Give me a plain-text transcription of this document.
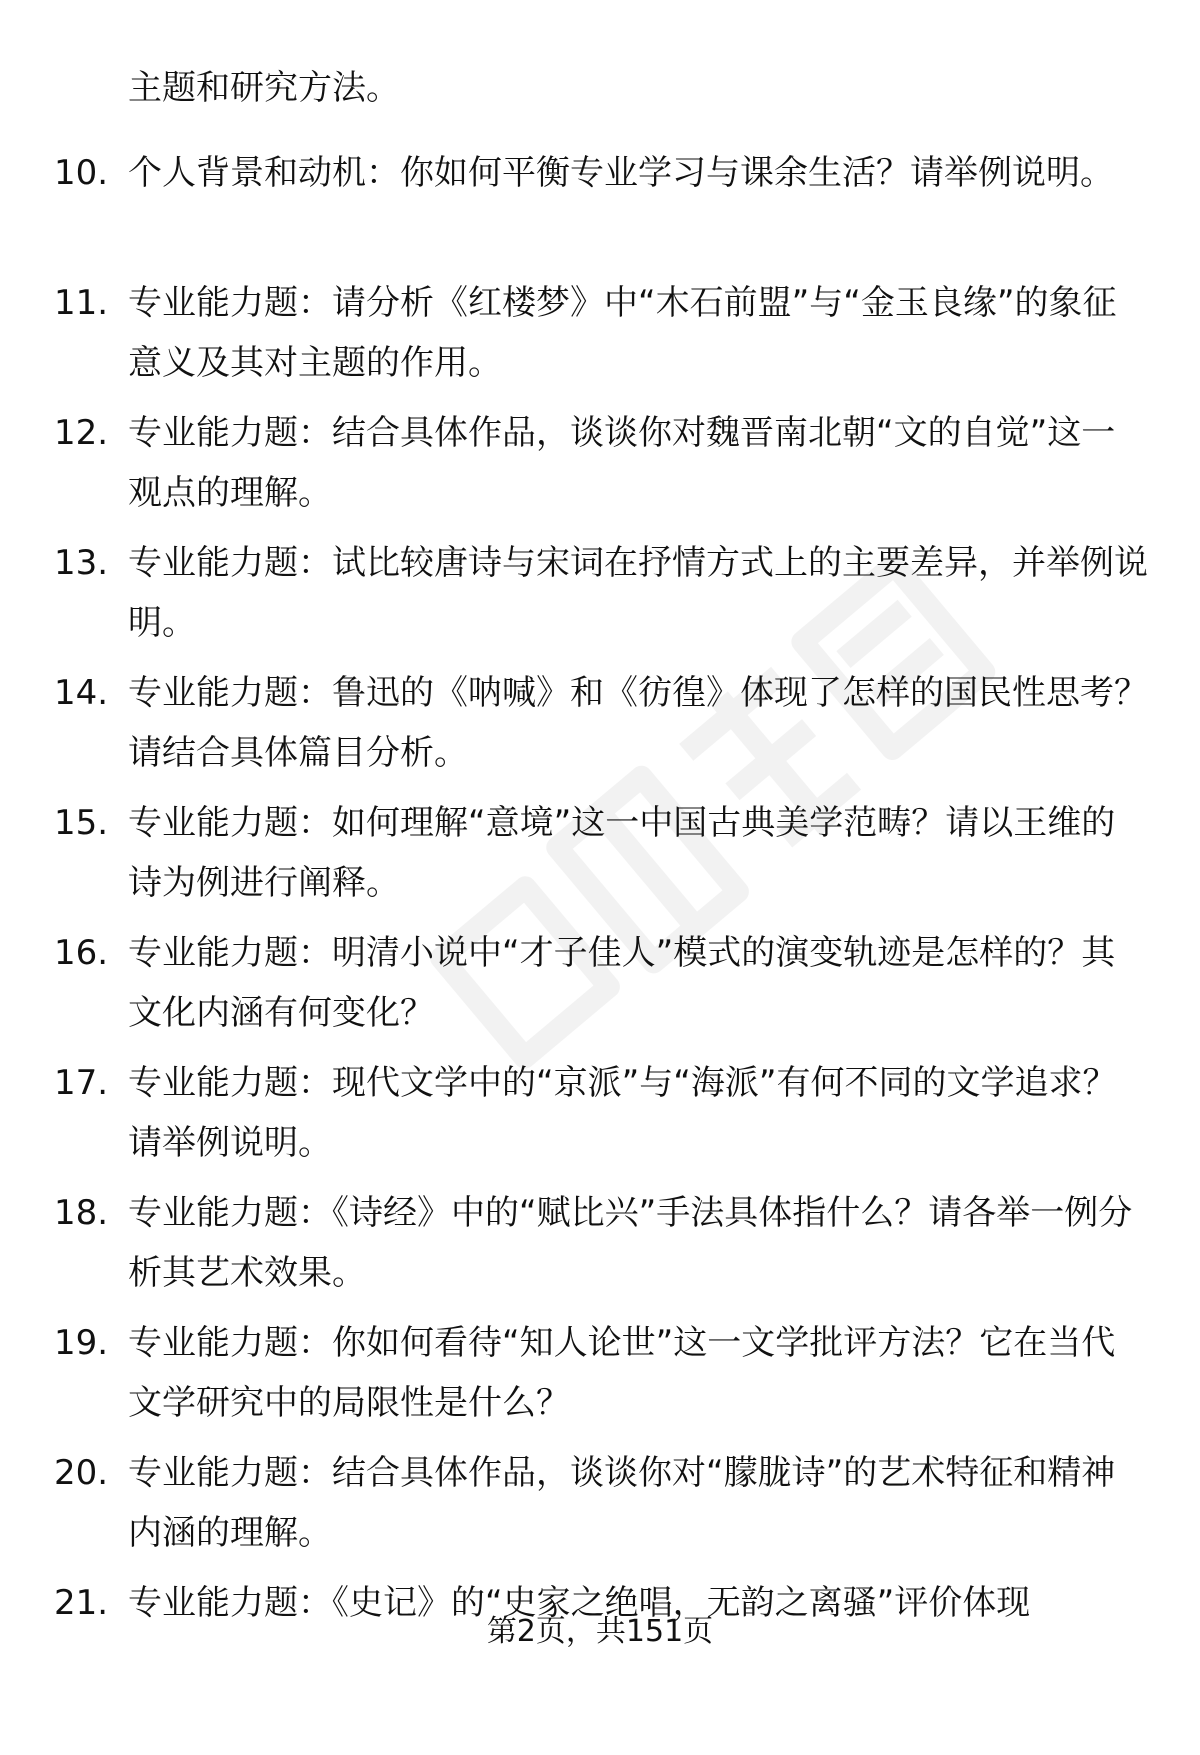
主题和研究方法。
10. 个人背景和动机：你如何平衡专业学习与课余生活？请举例说明。
11. 专业能力题：请分析《红楼梦》中“木石前盟”与“金玉良缘”的象征意义及其对主题的作用。
12. 专业能力题：结合具体作品，谈谈你对魏晋南北朝“文的自觉”这一观点的理解。
13. 专业能力题：试比较唐诗与宋词在抒情方式上的主要差异，并举例说明。
14. 专业能力题：鲁迅的《呐喊》和《彷徨》体现了怎样的国民性思考？请结合具体篇目分析。
15. 专业能力题：如何理解“意境”这一中国古典美学范畴？请以王维的诗为例进行阐释。
16. 专业能力题：明清小说中“才子佳人”模式的演变轨迹是怎样的？其文化内涵有何变化？
17. 专业能力题：现代文学中的“京派”与“海派”有何不同的文学追求？请举例说明。
18. 专业能力题：《诗经》中的“赋比兴”手法具体指什么？请各举一例分析其艺术效果。
19. 专业能力题：你如何看待“知人论世”这一文学批评方法？它在当代文学研究中的局限性是什么？
20. 专业能力题：结合具体作品，谈谈你对“朦胧诗”的艺术特征和精神内涵的理解。
21. 专业能力题：《史记》的“史家之绝唱，无韵之离骚”评价体现
第2页，共151页
